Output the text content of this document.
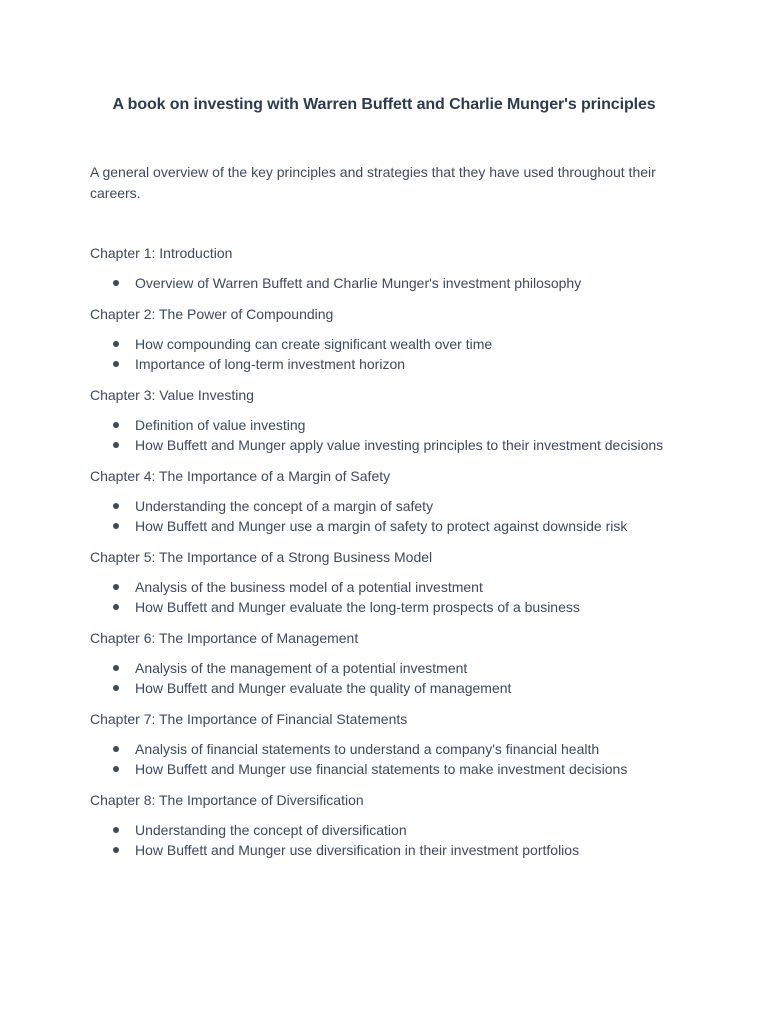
A book on investing with Warren Buffett and Charlie Munger's principles

A general overview of the key principles and strategies that they have used throughout their careers.

Chapter 1: Introduction

Overview of Warren Buffett and Charlie Munger's investment philosophy

Chapter 2: The Power of Compounding

How compounding can create significant wealth over time
Importance of long-term investment horizon

Chapter 3: Value Investing

Definition of value investing
How Buffett and Munger apply value investing principles to their investment decisions

Chapter 4: The Importance of a Margin of Safety

Understanding the concept of a margin of safety
How Buffett and Munger use a margin of safety to protect against downside risk

Chapter 5: The Importance of a Strong Business Model

Analysis of the business model of a potential investment
How Buffett and Munger evaluate the long-term prospects of a business

Chapter 6: The Importance of Management

Analysis of the management of a potential investment
How Buffett and Munger evaluate the quality of management

Chapter 7: The Importance of Financial Statements

Analysis of financial statements to understand a company's financial health
How Buffett and Munger use financial statements to make investment decisions

Chapter 8: The Importance of Diversification

Understanding the concept of diversification
How Buffett and Munger use diversification in their investment portfolios
